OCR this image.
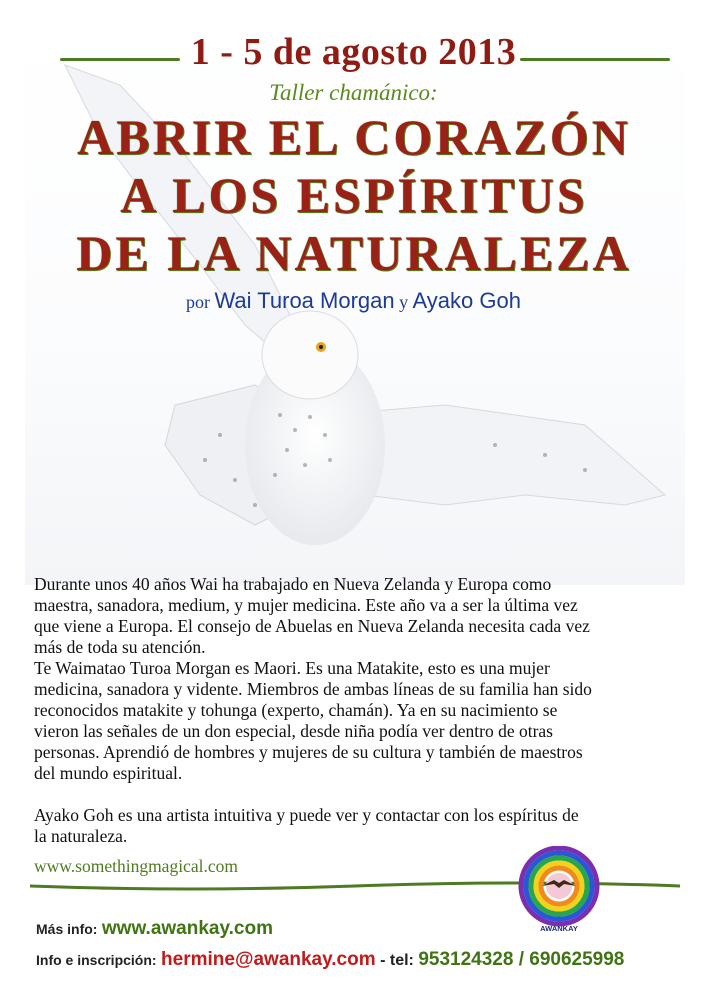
1 - 5 de agosto 2013
Taller chamánico:
ABRIR EL CORAZÓN
A LOS ESPÍRITUS
DE LA NATURALEZA
por Wai Turoa Morgan y Ayako Goh

Durante unos 40 años Wai ha trabajado en Nueva Zelanda y Europa como
maestra, sanadora, medium, y mujer medicina. Este año va a ser la última vez
que viene a Europa. El consejo de Abuelas en Nueva Zelanda necesita cada vez
más de toda su atención.

Te Waimatao Turoa Morgan es Maori. Es una Matakite, esto es una mujer
medicina, sanadora y vidente. Miembros de ambas líneas de su familia han sido
reconocidos matakite y tohunga (experto, chamán). Ya en su nacimiento se
vieron las señales de un don especial, desde niña podía ver dentro de otras
personas. Aprendió de hombres y mujeres de su cultura y también de maestros
del mundo espiritual.

Ayako Goh es una artista intuitiva y puede ver y contactar con los espíritus de
la naturaleza.

www.somethingmagical.com
AWANKAY
Más info: www.awankay.com
Info e inscripción: hermine@awankay.com - tel: 953124328 / 690625998
